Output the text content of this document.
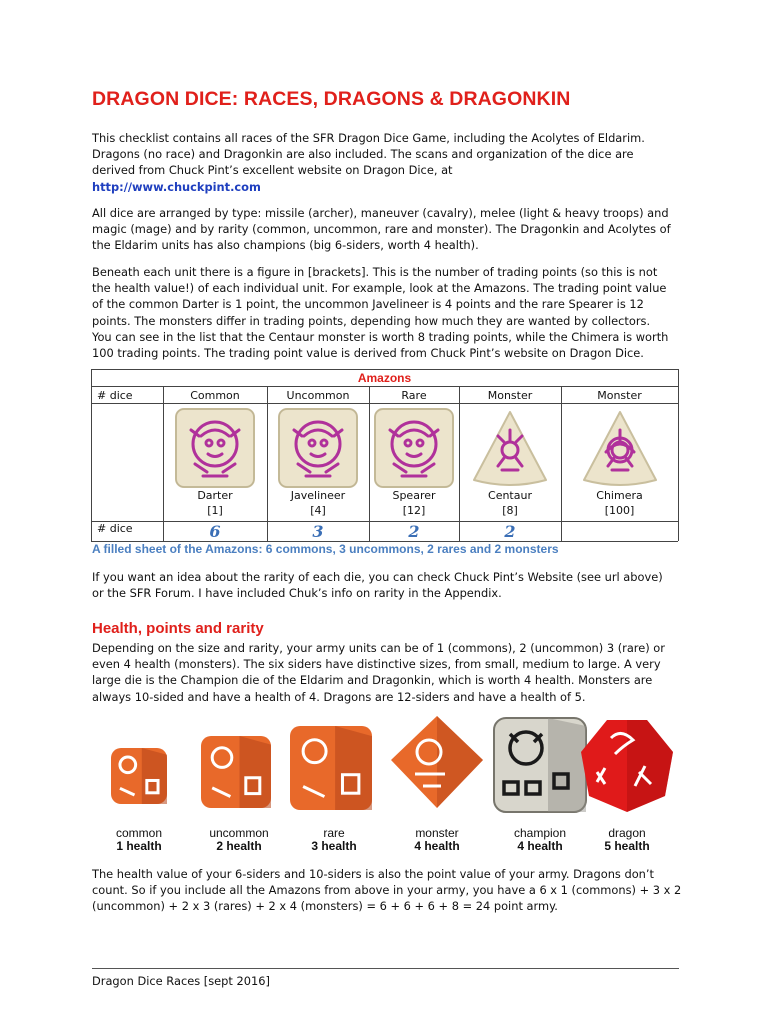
DRAGON DICE: RACES, DRAGONS & DRAGONKIN

This checklist contains all races of the SFR Dragon Dice Game, including the Acolytes of Eldarim.
Dragons (no race) and Dragonkin are also included. The scans and organization of the dice are
derived from Chuck Pint’s excellent website on Dragon Dice, at
http://www.chuckpint.com

All dice are arranged by type: missile (archer), maneuver (cavalry), melee (light & heavy troops) and
magic (mage) and by rarity (common, uncommon, rare and monster). The Dragonkin and Acolytes of
the Eldarim units has also champions (big 6-siders, worth 4 health).

Beneath each unit there is a figure in [brackets]. This is the number of trading points (so this is not
the health value!) of each individual unit. For example, look at the Amazons. The trading point value
of the common Darter is 1 point, the uncommon Javelineer is 4 points and the rare Spearer is 12
points. The monsters differ in trading points, depending how much they are wanted by collectors.
You can see in the list that the Centaur monster is worth 8 trading points, while the Chimera is worth
100 trading points. The trading point value is derived from Chuck Pint’s website on Dragon Dice.

Amazons
# dice
# dice
Common
Darter
[1]
6
Uncommon
Javelineer
[4]
3
Rare
Spearer
[12]
2
Monster
Centaur
[8]
2
Monster
Chimera
[100]
A filled sheet of the Amazons: 6 commons, 3 uncommons, 2 rares and 2 monsters

If you want an idea about the rarity of each die, you can check Chuck Pint’s Website (see url above)
or the SFR Forum. I have included Chuk’s info on rarity in the Appendix.

Health, points and rarity

Depending on the size and rarity, your army units can be of 1 (commons), 2 (uncommon) 3 (rare) or
even 4 health (monsters). The six siders have distinctive sizes, from small, medium to large. A very
large die is the Champion die of the Eldarim and Dragonkin, which is worth 4 health. Monsters are
always 10-sided and have a health of 4. Dragons are 12-siders and have a health of 5.

common
1 health
uncommon
2 health
rare
3 health
monster
4 health
champion
4 health
dragon
5 health

The health value of your 6-siders and 10-siders is also the point value of your army. Dragons don’t
count. So if you include all the Amazons from above in your army, you have a 6 x 1 (commons) + 3 x 2
(uncommon) + 2 x 3 (rares) + 2 x 4 (monsters) = 6 + 6 + 6 + 8 = 24 point army.

Dragon Dice Races [sept 2016]
